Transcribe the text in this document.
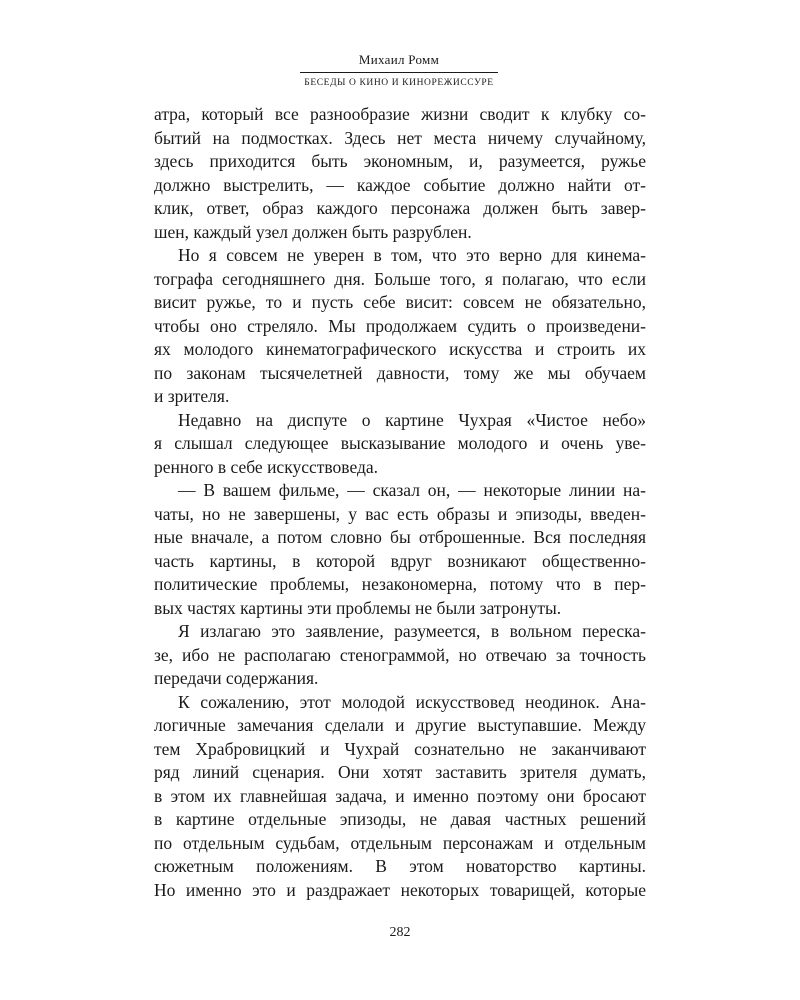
Михаил Ромм
БЕСЕДЫ О КИНО И КИНОРЕЖИССУРЕ
атра, который все разнообразие жизни сводит к клубку со-
бытий на подмостках. Здесь нет места ничему случайному,
здесь приходится быть экономным, и, разумеется, ружье
должно выстрелить, — каждое событие должно найти от-
клик, ответ, образ каждого персонажа должен быть завер-
шен, каждый узел должен быть разрублен.
Но я совсем не уверен в том, что это верно для кинема-
тографа сегодняшнего дня. Больше того, я полагаю, что если
висит ружье, то и пусть себе висит: совсем не обязательно,
чтобы оно стреляло. Мы продолжаем судить о произведени-
ях молодого кинематографического искусства и строить их
по законам тысячелетней давности, тому же мы обучаем
и зрителя.
Недавно на диспуте о картине Чухрая «Чистое небо»
я слышал следующее высказывание молодого и очень уве-
ренного в себе искусствоведа.
— В вашем фильме, — сказал он, — некоторые линии на-
чаты, но не завершены, у вас есть образы и эпизоды, введен-
ные вначале, а потом словно бы отброшенные. Вся последняя
часть картины, в которой вдруг возникают общественно-
политические проблемы, незакономерна, потому что в пер-
вых частях картины эти проблемы не были затронуты.
Я излагаю это заявление, разумеется, в вольном переска-
зе, ибо не располагаю стенограммой, но отвечаю за точность
передачи содержания.
К сожалению, этот молодой искусствовед неодинок. Ана-
логичные замечания сделали и другие выступавшие. Между
тем Храбровицкий и Чухрай сознательно не заканчивают
ряд линий сценария. Они хотят заставить зрителя думать,
в этом их главнейшая задача, и именно поэтому они бросают
в картине отдельные эпизоды, не давая частных решений
по отдельным судьбам, отдельным персонажам и отдельным
сюжетным положениям. В этом новаторство картины.
Но именно это и раздражает некоторых товарищей, которые
282
